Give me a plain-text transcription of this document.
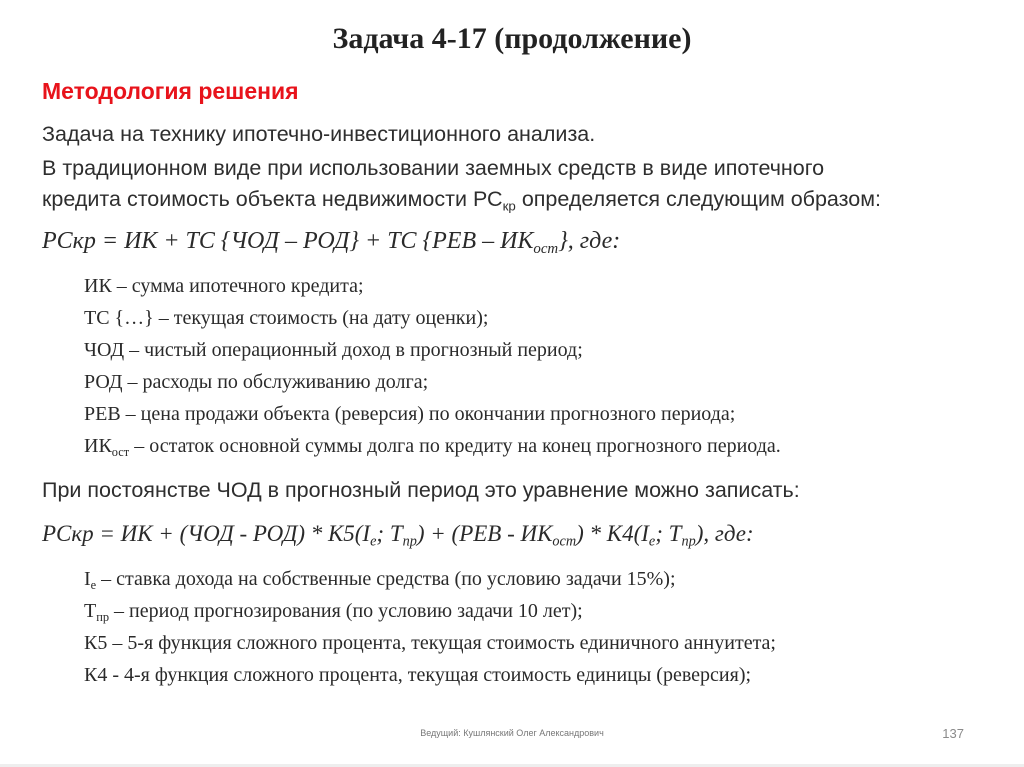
Задача 4-17 (продолжение)
Методология решения
Задача на технику ипотечно-инвестиционного анализа.
В традиционном виде при использовании заемных средств в виде ипотечного
кредита стоимость объекта недвижимости $РС_{кр}$ определяется следующим образом:
РСкр = ИК + ТС {ЧОД – РОД} + ТС $\{РЕВ - ИК_{ост}\}$, где:
ИК – сумма ипотечного кредита;
ТС {…} – текущая стоимость (на дату оценки);
ЧОД – чистый операционный доход в прогнозный период;
РОД – расходы по обслуживанию долга;
РЕВ – цена продажи объекта (реверсия) по окончании прогнозного периода;
$ИК_{ост}$ – остаток основной суммы долга по кредиту на конец прогнозного периода.
При постоянстве ЧОД в прогнозный период это уравнение можно записать:
РСкр = ИК + $(ЧОД - РОД) * К5(I_е$; $Т_{пр}) + (РЕВ - ИК_{ост}) * К4(I_е$; $Т_{пр}$), где:
$I_е$ – ставка дохода на собственные средства (по условию задачи 15%);
$Т_{пр}$ – период прогнозирования (по условию задачи 10 лет);
К5 – 5-я функция сложного процента, текущая стоимость единичного аннуитета;
К4 - 4-я функция сложного процента, текущая стоимость единицы (реверсия);
Ведущий: Кушлянский Олег Александрович	137
